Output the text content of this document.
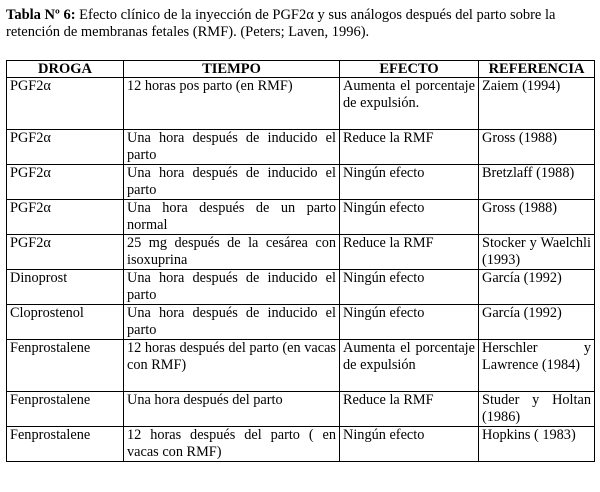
Tabla Nº 6: Efecto clínico de la inyección de PGF2α y sus análogos después del parto sobre la retención de membranas fetales (RMF). (Peters; Laven, 1996).
DROGA	TIEMPO	EFECTO	REFERENCIA
PGF2α	12 horas pos parto (en RMF)	Aumenta el porcentaje de expulsión.	Zaiem (1994)
PGF2α	Una hora después de inducido el parto	Reduce la RMF	Gross (1988)
PGF2α	Una hora después de inducido el parto	Ningún efecto	Bretzlaff (1988)
PGF2α	Una hora después de un parto normal	Ningún efecto	Gross (1988)
PGF2α	25 mg después de la cesárea con isoxuprina	Reduce la RMF	Stocker y Waelchli (1993)
Dinoprost	Una hora después de inducido el parto	Ningún efecto	García (1992)
Cloprostenol	Una hora después de inducido el parto	Ningún efecto	García (1992)
Fenprostalene	12 horas después del parto (en vacas con RMF)	Aumenta el porcentaje de expulsión	Herschler y Lawrence (1984)
Fenprostalene	Una hora después del parto	Reduce la RMF	Studer y Holtan (1986)
Fenprostalene	12 horas después del parto ( en vacas con RMF)	Ningún efecto	Hopkins ( 1983)
